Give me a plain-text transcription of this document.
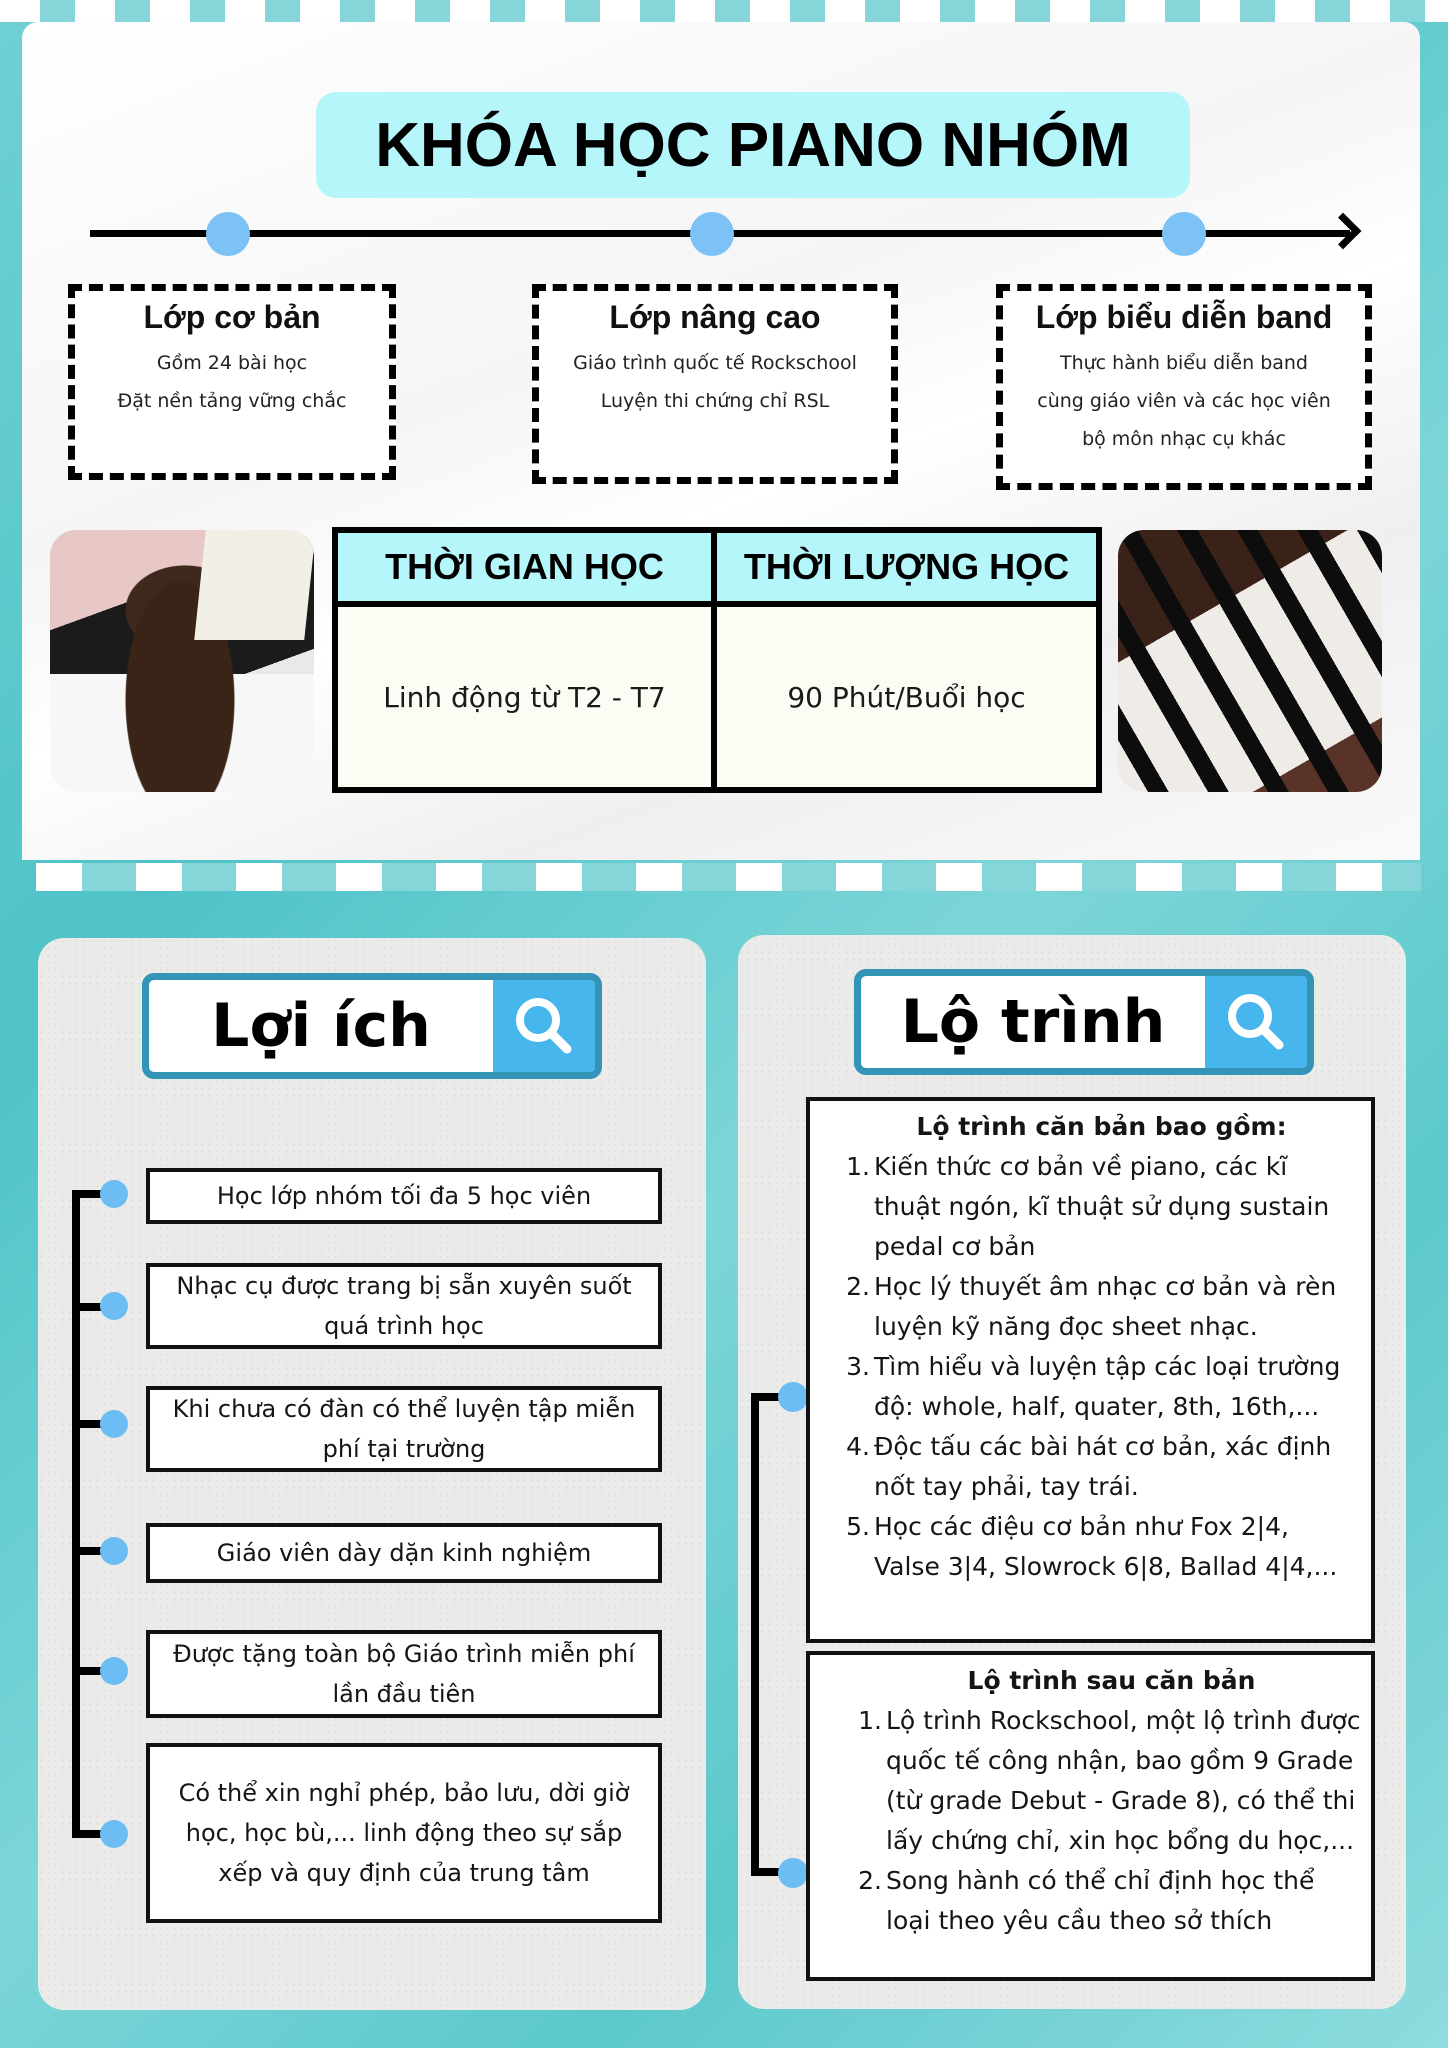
KHÓA HỌC PIANO NHÓM
Lớp cơ bản
Gồm 24 bài học
Đặt nền tảng vững chắc
Lớp nâng cao
Giáo trình quốc tế Rockschool
Luyện thi chứng chỉ RSL
Lớp biểu diễn band
Thực hành biểu diễn band
cùng giáo viên và các học viên
bộ môn nhạc cụ khác
THỜI GIAN HỌC	THỜI LƯỢNG HỌC
Linh động từ T2 - T7	90 Phút/Buổi học
Lợi ích
Học lớp nhóm tối đa 5 học viên
Nhạc cụ được trang bị sẵn xuyên suốt quá trình học
Khi chưa có đàn có thể luyện tập miễn phí tại trường
Giáo viên dày dặn kinh nghiệm
Được tặng toàn bộ Giáo trình miễn phí lần đầu tiên
Có thể xin nghỉ phép, bảo lưu, dời giờ học, học bù,... linh động theo sự sắp xếp và quy định của trung tâm
Lộ trình
Lộ trình căn bản bao gồm:
1. Kiến thức cơ bản về piano, các kĩ thuật ngón, kĩ thuật sử dụng sustain pedal cơ bản
2. Học lý thuyết âm nhạc cơ bản và rèn luyện kỹ năng đọc sheet nhạc.
3. Tìm hiểu và luyện tập các loại trường độ: whole, half, quater, 8th, 16th,...
4. Độc tấu các bài hát cơ bản, xác định nốt tay phải, tay trái.
5. Học các điệu cơ bản như Fox 2|4, Valse 3|4, Slowrock 6|8, Ballad 4|4,...
Lộ trình sau căn bản
1. Lộ trình Rockschool, một lộ trình được quốc tế công nhận, bao gồm 9 Grade (từ grade Debut - Grade 8), có thể thi lấy chứng chỉ, xin học bổng du học,...
2. Song hành có thể chỉ định học thể loại theo yêu cầu theo sở thích
